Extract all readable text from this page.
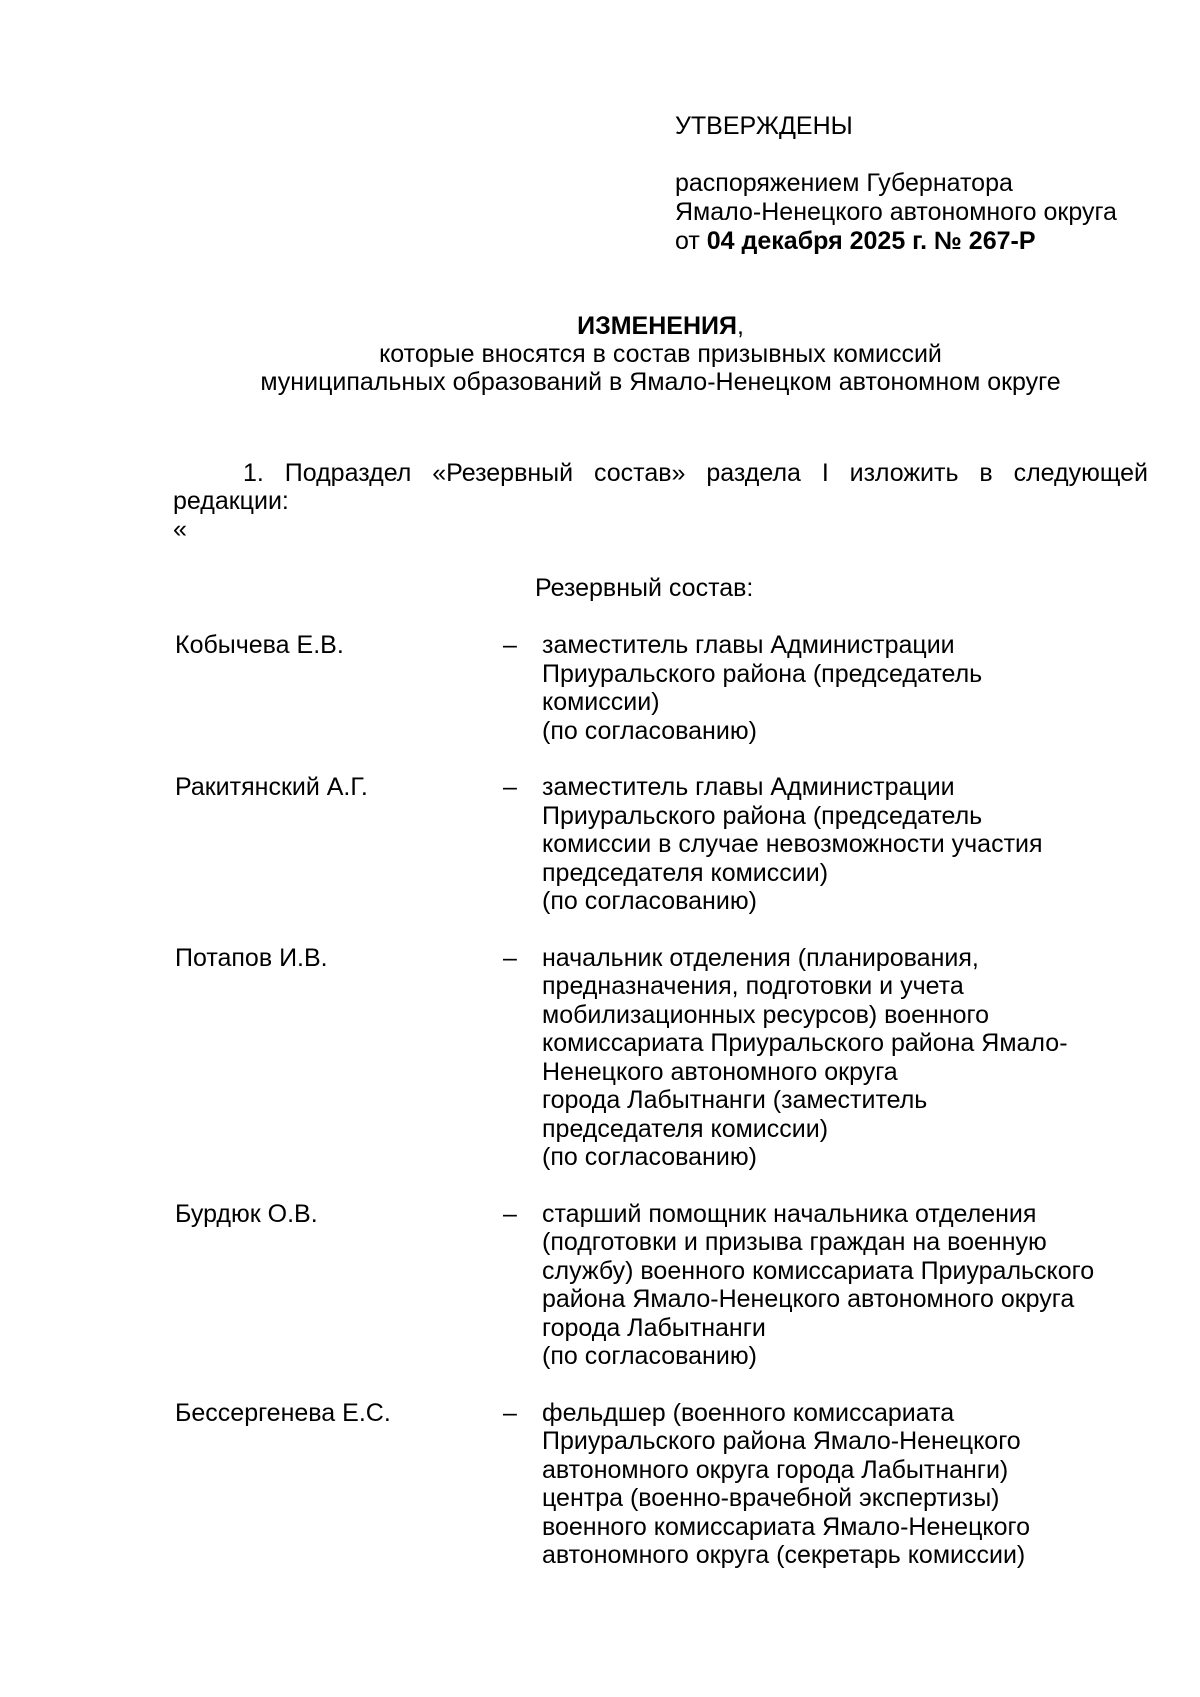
УТВЕРЖДЕНЫ

распоряжением Губернатора

Ямало-Ненецкого автономного округа

от 04 декабря 2025 г. № 267-Р

ИЗМЕНЕНИЯ,

которые вносятся в состав призывных комиссий

муниципальных образований в Ямало-Ненецком автономном округе

1. Подраздел «Резервный состав» раздела I изложить в следующей редакции:

«

Резервный состав:

Кобычева Е.В.	– заместитель главы Администрации
Приуральского района (председатель
комиссии)
(по согласованию)
Ракитянский А.Г.	– заместитель главы Администрации
Приуральского района (председатель
комиссии в случае невозможности участия
председателя комиссии)
(по согласованию)
Потапов И.В.	– начальник отделения (планирования,
предназначения, подготовки и учета
мобилизационных ресурсов) военного
комиссариата Приуральского района Ямало-
Ненецкого автономного округа
города Лабытнанги (заместитель
председателя комиссии)
(по согласованию)
Бурдюк О.В.	– старший помощник начальника отделения
(подготовки и призыва граждан на военную
службу) военного комиссариата Приуральского
района Ямало-Ненецкого автономного округа
города Лабытнанги
(по согласованию)
Бессергенева Е.С.	– фельдшер (военного комиссариата
Приуральского района Ямало-Ненецкого
автономного округа города Лабытнанги)
центра (военно-врачебной экспертизы)
военного комиссариата Ямало-Ненецкого
автономного округа (секретарь комиссии)
